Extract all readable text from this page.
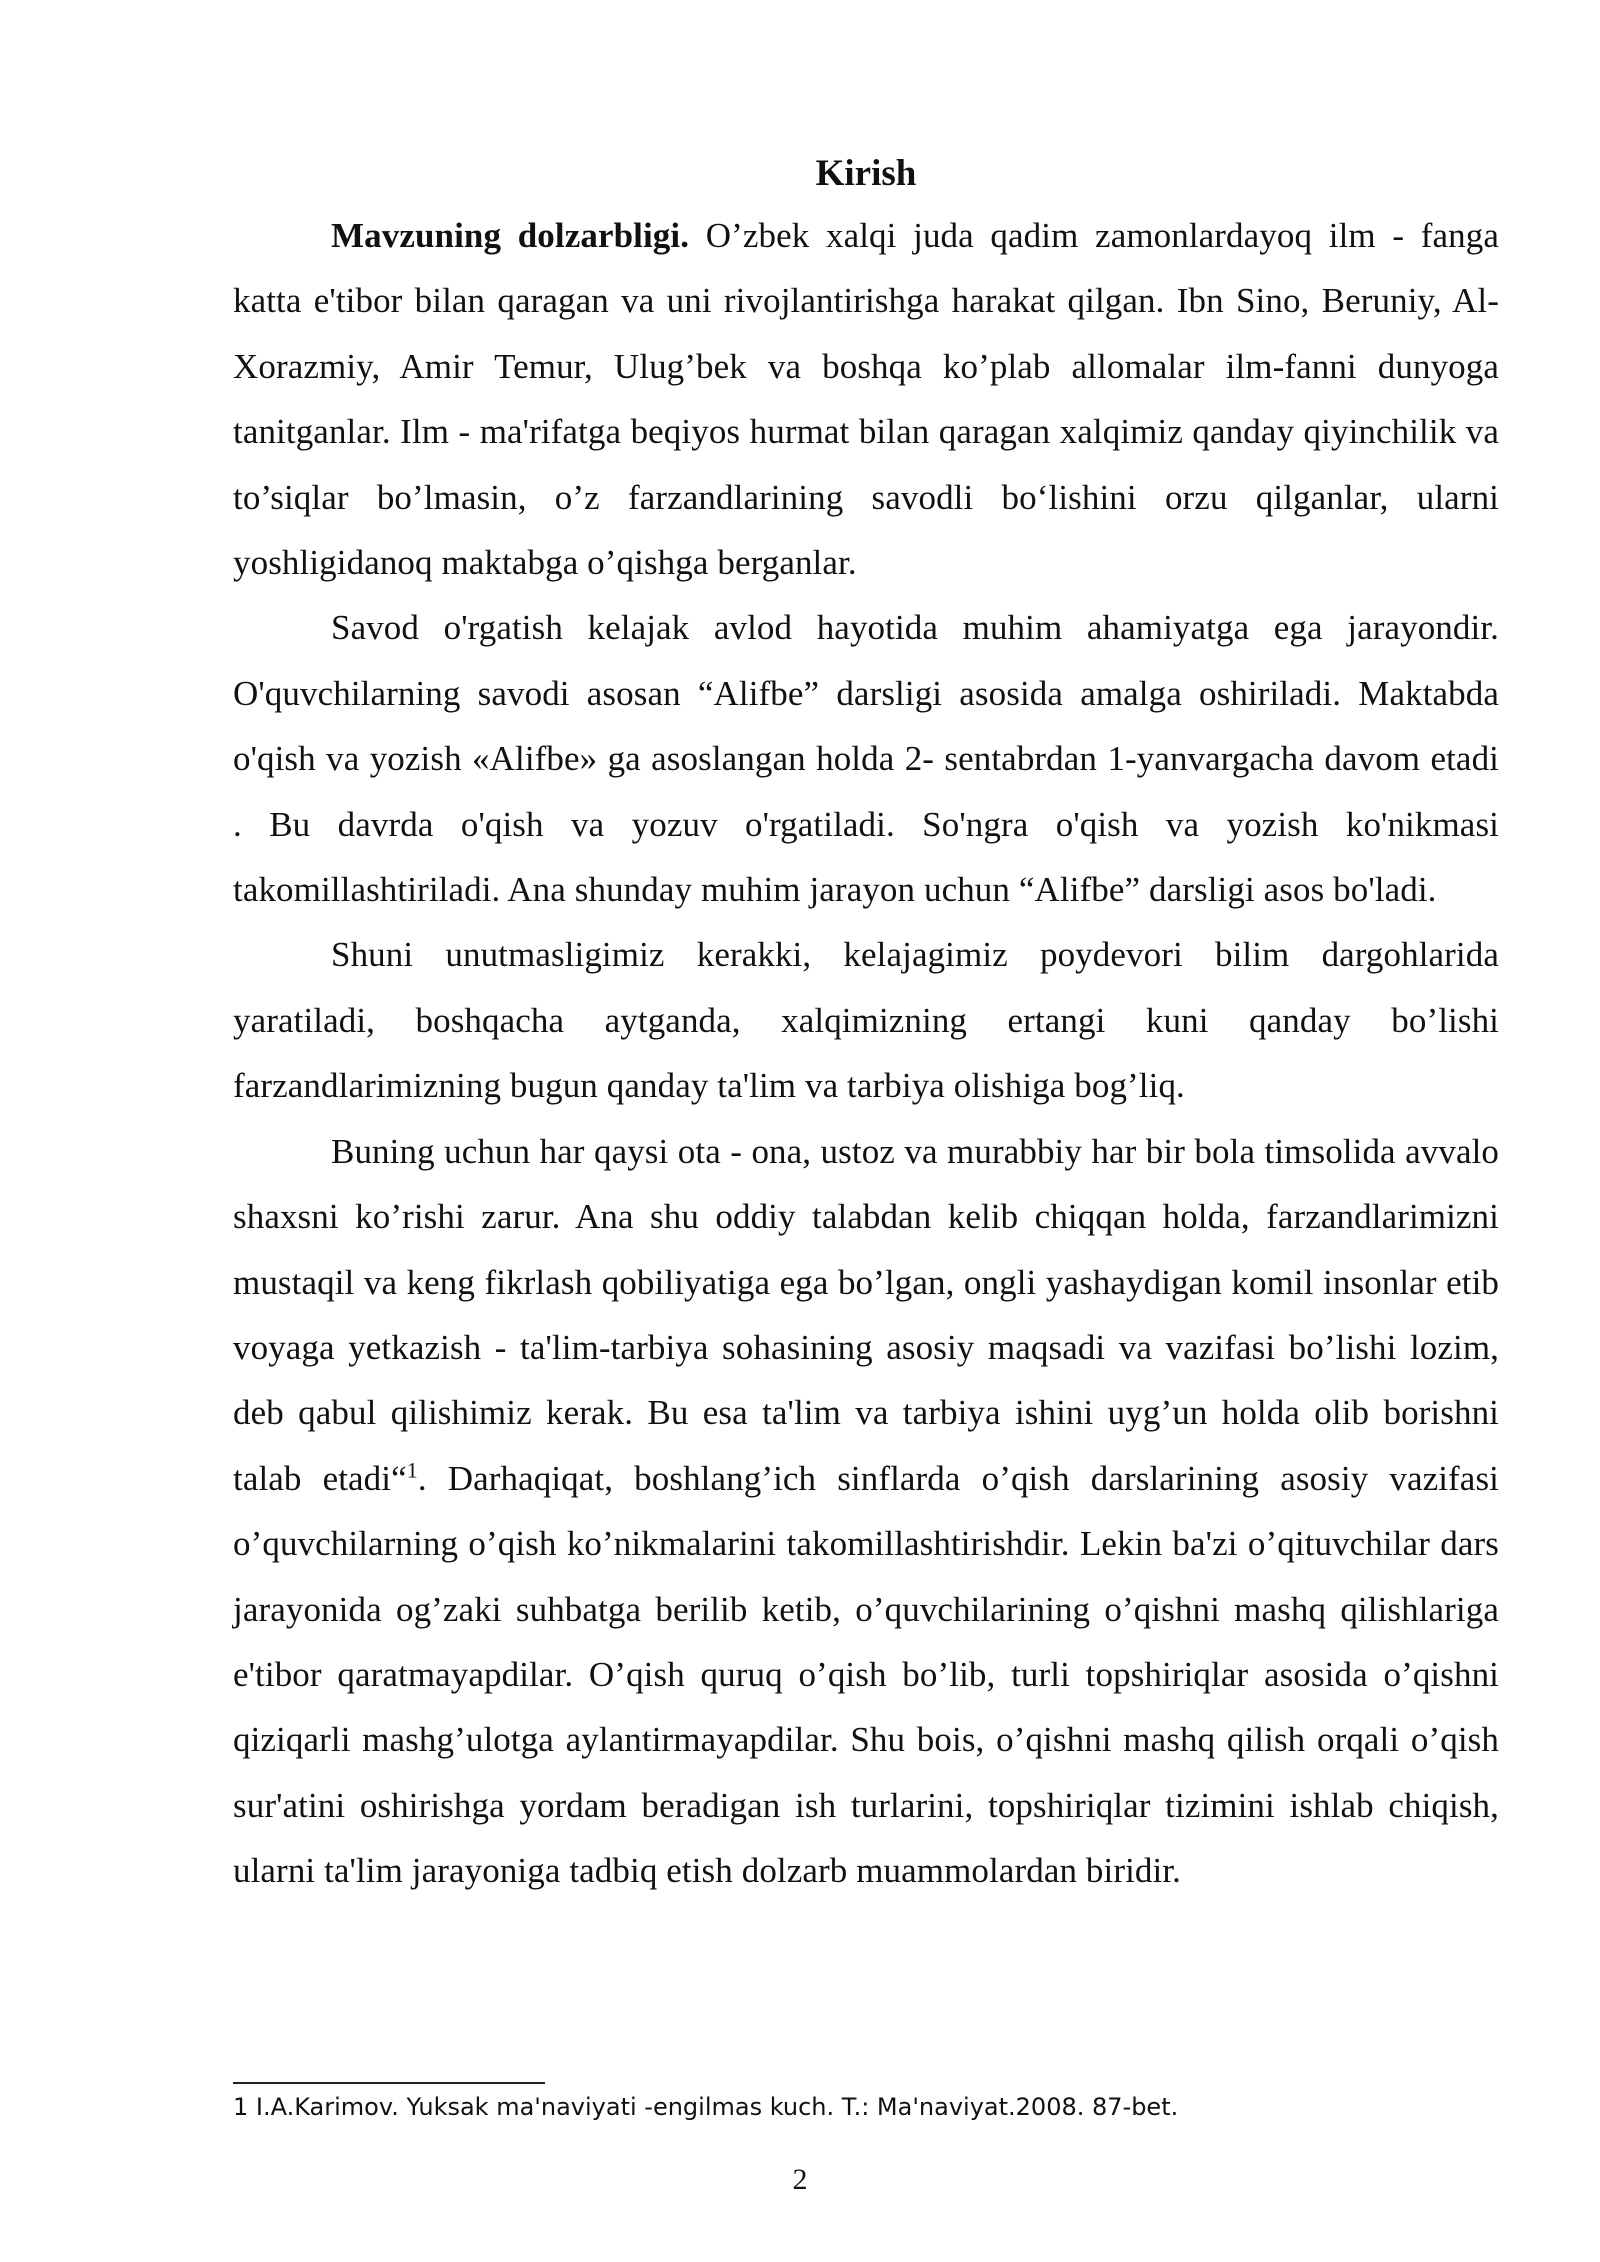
Kirish

Mavzuning dolzarbligi. O’zbek xalqi juda qadim zamonlardayoq ilm - fanga katta e'tibor bilan qaragan va uni rivojlantirishga harakat qilgan. Ibn Sino, Beruniy, Al-Xorazmiy, Amir Temur, Ulug’bek va boshqa ko’plab allomalar ilm-fanni dunyoga tanitganlar. Ilm - ma'rifatga beqiyos hurmat bilan qaragan xalqimiz qanday qiyinchilik va to’siqlar bo’lmasin, o’z farzandlarining savodli bo‘lishini orzu qilganlar, ularni yoshligidanoq maktabga o’qishga berganlar.

Savod o'rgatish kelajak avlod hayotida muhim ahamiyatga ega jarayondir. O'quvchilarning savodi asosan “Alifbe” darsligi asosida amalga oshiriladi. Maktabda o'qish va yozish «Alifbe» ga asoslangan holda 2- sentabrdan 1-yanvargacha davom etadi . Bu davrda o'qish va yozuv o'rgatiladi. So'ngra o'qish va yozish ko'nikmasi takomillashtiriladi. Ana shunday muhim jarayon uchun “Alifbe” darsligi asos bo'ladi.

Shuni unutmasligimiz kerakki, kelajagimiz poydevori bilim dargohlarida yaratiladi, boshqacha aytganda, xalqimizning ertangi kuni qanday bo’lishi farzandlarimizning bugun qanday ta'lim va tarbiya olishiga bog’liq.

Buning uchun har qaysi ota - ona, ustoz va murabbiy har bir bola timsolida avvalo shaxsni ko’rishi zarur. Ana shu oddiy talabdan kelib chiqqan holda, farzandlarimizni mustaqil va keng fikrlash qobiliyatiga ega bo’lgan, ongli yashaydigan komil insonlar etib voyaga yetkazish - ta'lim-tarbiya sohasining asosiy maqsadi va vazifasi bo’lishi lozim, deb qabul qilishimiz kerak. Bu esa ta'lim va tarbiya ishini uyg’un holda olib borishni talab etadi“$^1$. Darhaqiqat, boshlang’ich sinflarda o’qish darslarining asosiy vazifasi o’quvchilarning o’qish ko’nikmalarini takomillashtirishdir. Lekin ba'zi o’qituvchilar dars jarayonida og’zaki suhbatga berilib ketib, o’quvchilarining o’qishni mashq qilishlariga e'tibor qaratmayapdilar. O’qish quruq o’qish bo’lib, turli topshiriqlar asosida o’qishni qiziqarli mashg’ulotga aylantirmayapdilar. Shu bois, o’qishni mashq qilish orqali o’qish sur'atini oshirishga yordam beradigan ish turlarini, topshiriqlar tizimini ishlab chiqish, ularni ta'lim jarayoniga tadbiq etish dolzarb muammolardan biridir.

1 I.A.Karimov. Yuksak ma'naviyati -engilmas kuch. T.: Ma'naviyat.2008. 87-bet.
2
